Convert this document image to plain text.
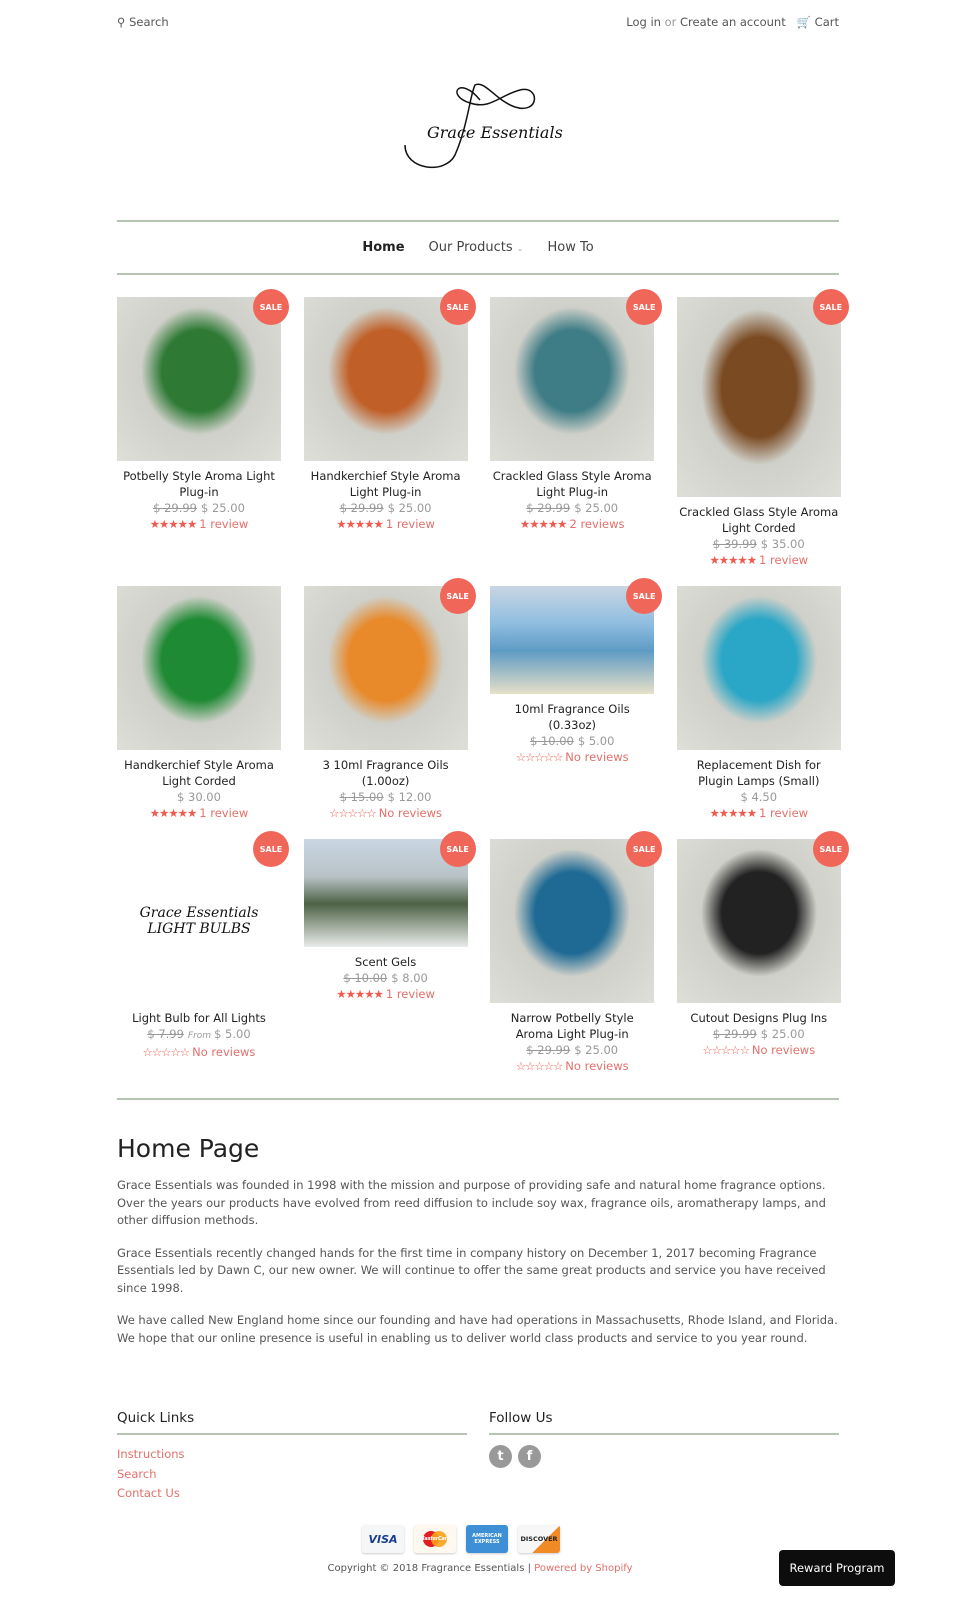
⚲ Search	Log in or Create an account 🛒 Cart
Grace Essentials
Home Our Products ⌄ How To
SALE
Potbelly Style Aroma Light Plug-in
$ 29.99 $ 25.00
★★★★★ 1 review
SALE
Handkerchief Style Aroma Light Plug-in
$ 29.99 $ 25.00
★★★★★ 1 review
SALE
Crackled Glass Style Aroma Light Plug-in
$ 29.99 $ 25.00
★★★★★ 2 reviews
SALE
Crackled Glass Style Aroma Light Corded
$ 39.99 $ 35.00
★★★★★ 1 review
Handkerchief Style Aroma Light Corded
$ 30.00
★★★★★ 1 review
SALE
3 10ml Fragrance Oils (1.00oz)
$ 15.00 $ 12.00
☆☆☆☆☆ No reviews
SALE
10ml Fragrance Oils (0.33oz)
$ 10.00 $ 5.00
☆☆☆☆☆ No reviews
Replacement Dish for Plugin Lamps (Small)
$ 4.50
★★★★★ 1 review
Grace Essentials LIGHT BULBS
SALE
Light Bulb for All Lights
$ 7.99 From $ 5.00
☆☆☆☆☆ No reviews
SALE
Scent Gels
$ 10.00 $ 8.00
★★★★★ 1 review
SALE
Narrow Potbelly Style Aroma Light Plug-in
$ 29.99 $ 25.00
☆☆☆☆☆ No reviews
SALE
Cutout Designs Plug Ins
$ 29.99 $ 25.00
☆☆☆☆☆ No reviews
Home Page

Grace Essentials was founded in 1998 with the mission and purpose of providing safe and natural home fragrance options. Over the years our products have evolved from reed diffusion to include soy wax, fragrance oils, aromatherapy lamps, and other diffusion methods.

Grace Essentials recently changed hands for the first time in company history on December 1, 2017 becoming Fragrance Essentials led by Dawn C, our new owner. We will continue to offer the same great products and service you have received since 1998.

We have called New England home since our founding and have had operations in Massachusetts, Rhode Island, and Florida. We hope that our online presence is useful in enabling us to deliver world class products and service to you year round.

Quick Links
Instructions
Search
Contact Us
Follow Us
t f
VISA	MasterCard	AMERICAN EXPRESS	DISCOVER
Copyright © 2018 Fragrance Essentials | Powered by Shopify	Reward Program
